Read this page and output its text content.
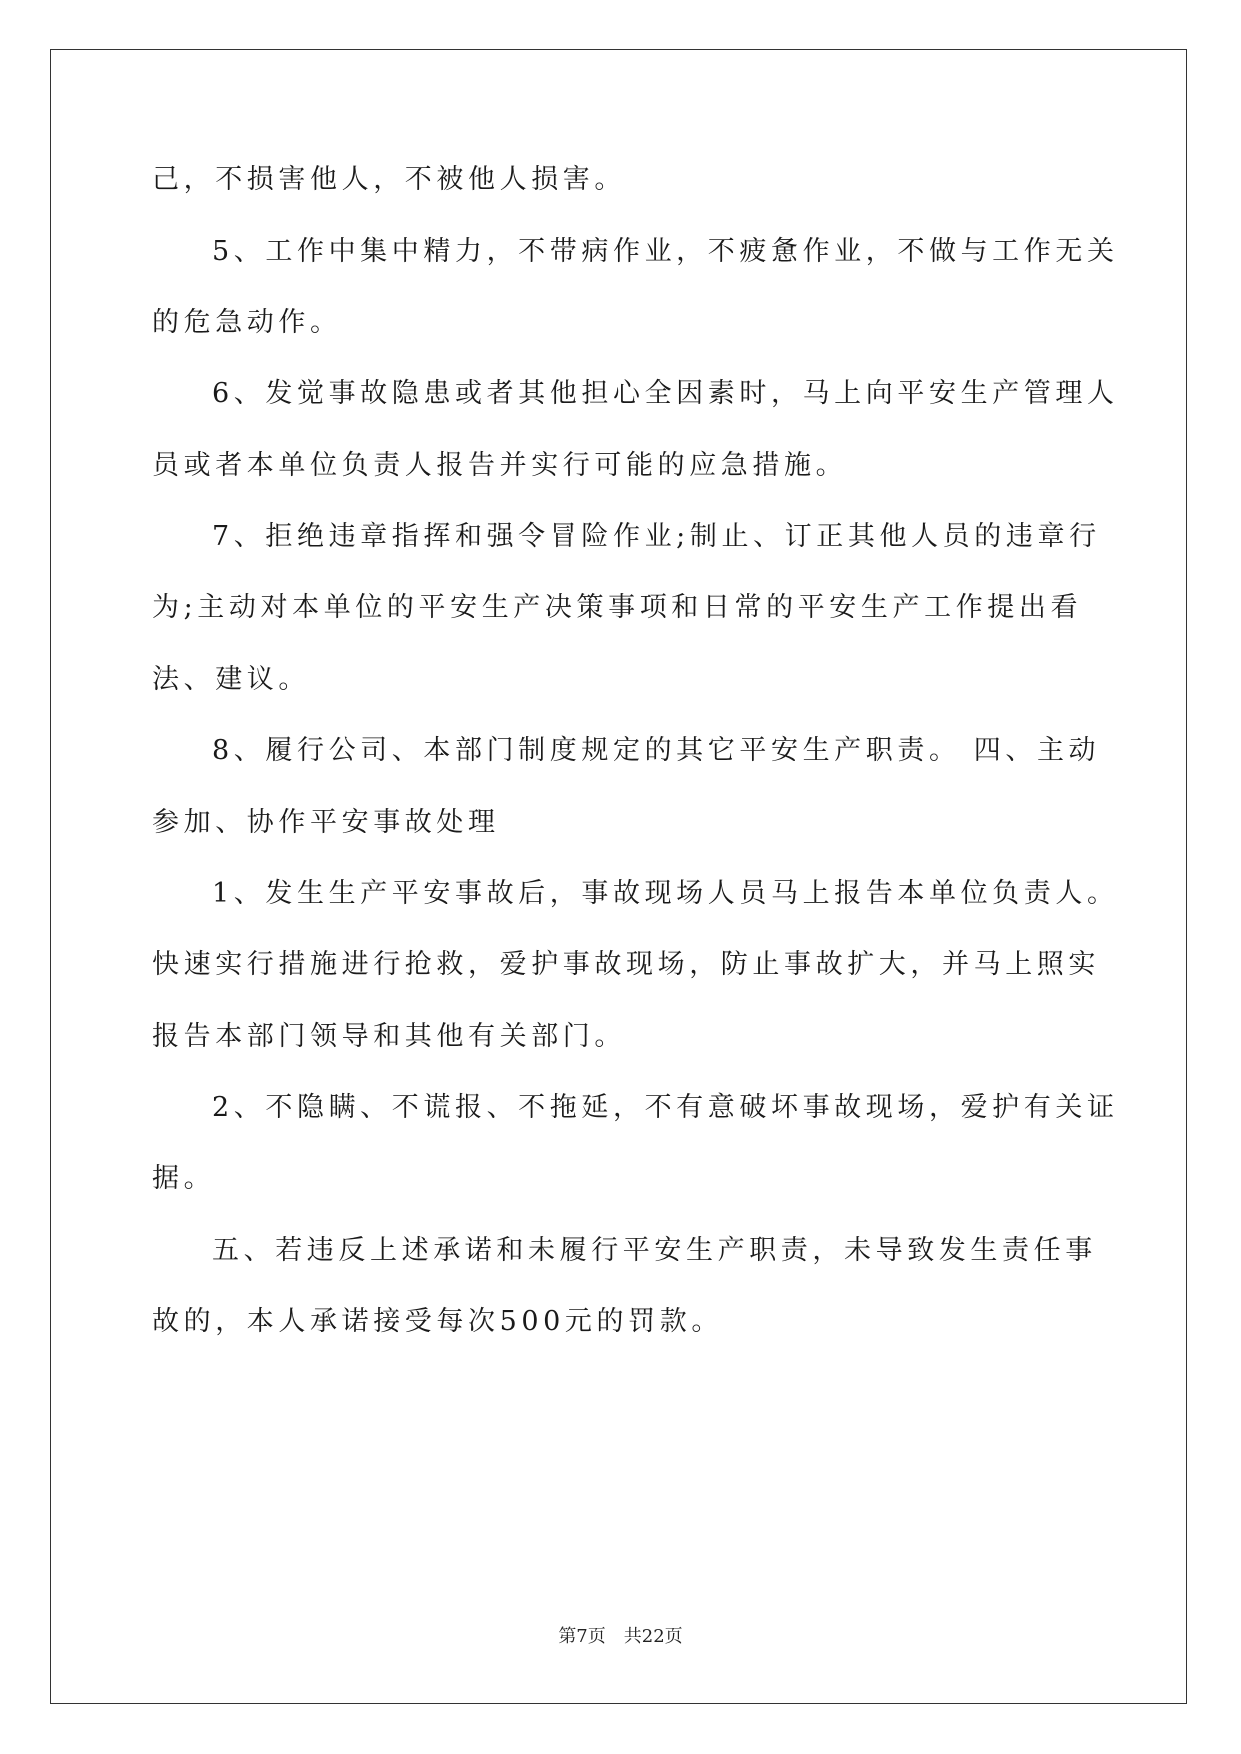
己，不损害他人，不被他人损害。
5、工作中集中精力，不带病作业，不疲惫作业，不做与工作无关
的危急动作。
6、发觉事故隐患或者其他担心全因素时，马上向平安生产管理人
员或者本单位负责人报告并实行可能的应急措施。
7、拒绝违章指挥和强令冒险作业;制止、订正其他人员的违章行
为;主动对本单位的平安生产决策事项和日常的平安生产工作提出看
法、建议。
8、履行公司、本部门制度规定的其它平安生产职责。 四、主动
参加、协作平安事故处理
1、发生生产平安事故后，事故现场人员马上报告本单位负责人。
快速实行措施进行抢救，爱护事故现场，防止事故扩大，并马上照实
报告本部门领导和其他有关部门。
2、不隐瞒、不谎报、不拖延，不有意破坏事故现场，爱护有关证
据。
五、若违反上述承诺和未履行平安生产职责，未导致发生责任事
故的，本人承诺接受每次500元的罚款。
第7页 共22页
